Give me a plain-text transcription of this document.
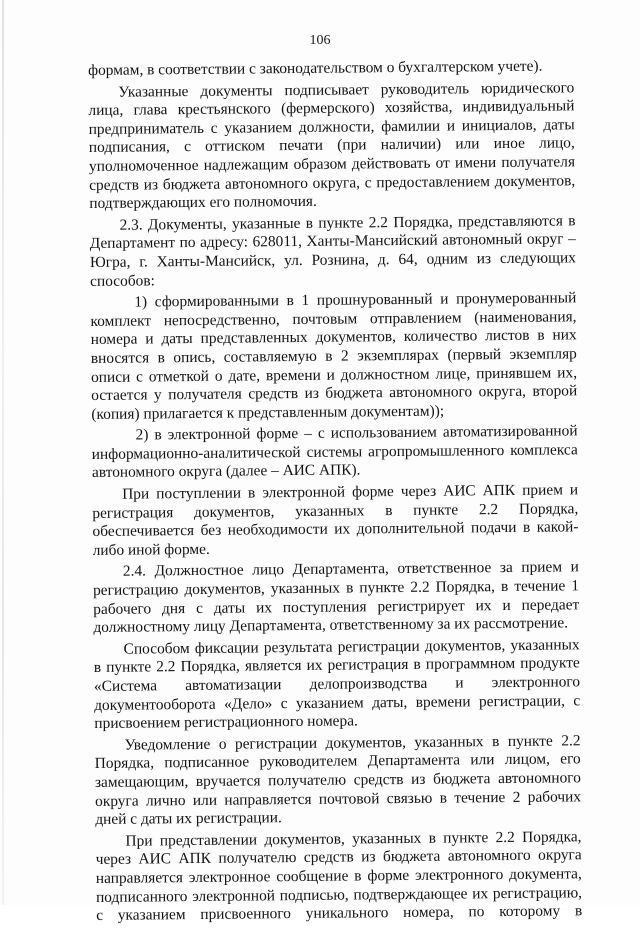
106

формам, в соответствии с законодательством о бухгалтерском учете).

Указанные документы подписывает руководитель юридического лица, глава крестьянского (фермерского) хозяйства, индивидуальный предприниматель с указанием должности, фамилии и инициалов, даты подписания, с оттиском печати (при наличии) или иное лицо, уполномоченное надлежащим образом действовать от имени получателя средств из бюджета автономного округа, с предоставлением документов, подтверждающих его полномочия.

2.3. Документы, указанные в пункте 2.2 Порядка, представляются в Департамент по адресу: 628011, Ханты-Мансийский автономный округ – Югра, г. Ханты-Мансийск, ул. Рознина, д. 64, одним из следующих способов:

1) сформированными в 1 прошнурованный и пронумерованный комплект непосредственно, почтовым отправлением (наименования, номера и даты представленных документов, количество листов в них вносятся в опись, составляемую в 2 экземплярах (первый экземпляр описи с отметкой о дате, времени и должностном лице, принявшем их, остается у получателя средств из бюджета автономного округа, второй (копия) прилагается к представленным документам));

2) в электронной форме – с использованием автоматизированной информационно-аналитической системы агропромышленного комплекса автономного округа (далее – АИС АПК).

При поступлении в электронной форме через АИС АПК прием и регистрация документов, указанных в пункте 2.2 Порядка, обеспечивается без необходимости их дополнительной подачи в какой-либо иной форме.

2.4. Должностное лицо Департамента, ответственное за прием и регистрацию документов, указанных в пункте 2.2 Порядка, в течение 1 рабочего дня с даты их поступления регистрирует их и передает должностному лицу Департамента, ответственному за их рассмотрение.

Способом фиксации результата регистрации документов, указанных в пункте 2.2 Порядка, является их регистрация в программном продукте «Система автоматизации делопроизводства и электронного документооборота «Дело» с указанием даты, времени регистрации, с присвоением регистрационного номера.

Уведомление о регистрации документов, указанных в пункте 2.2 Порядка, подписанное руководителем Департамента или лицом, его замещающим, вручается получателю средств из бюджета автономного округа лично или направляется почтовой связью в течение 2 рабочих дней с даты их регистрации.

При представлении документов, указанных в пункте 2.2 Порядка, через АИС АПК получателю средств из бюджета автономного округа направляется электронное сообщение в форме электронного документа, подписанного электронной подписью, подтверждающее их регистрацию, с указанием присвоенного уникального номера, по которому в
